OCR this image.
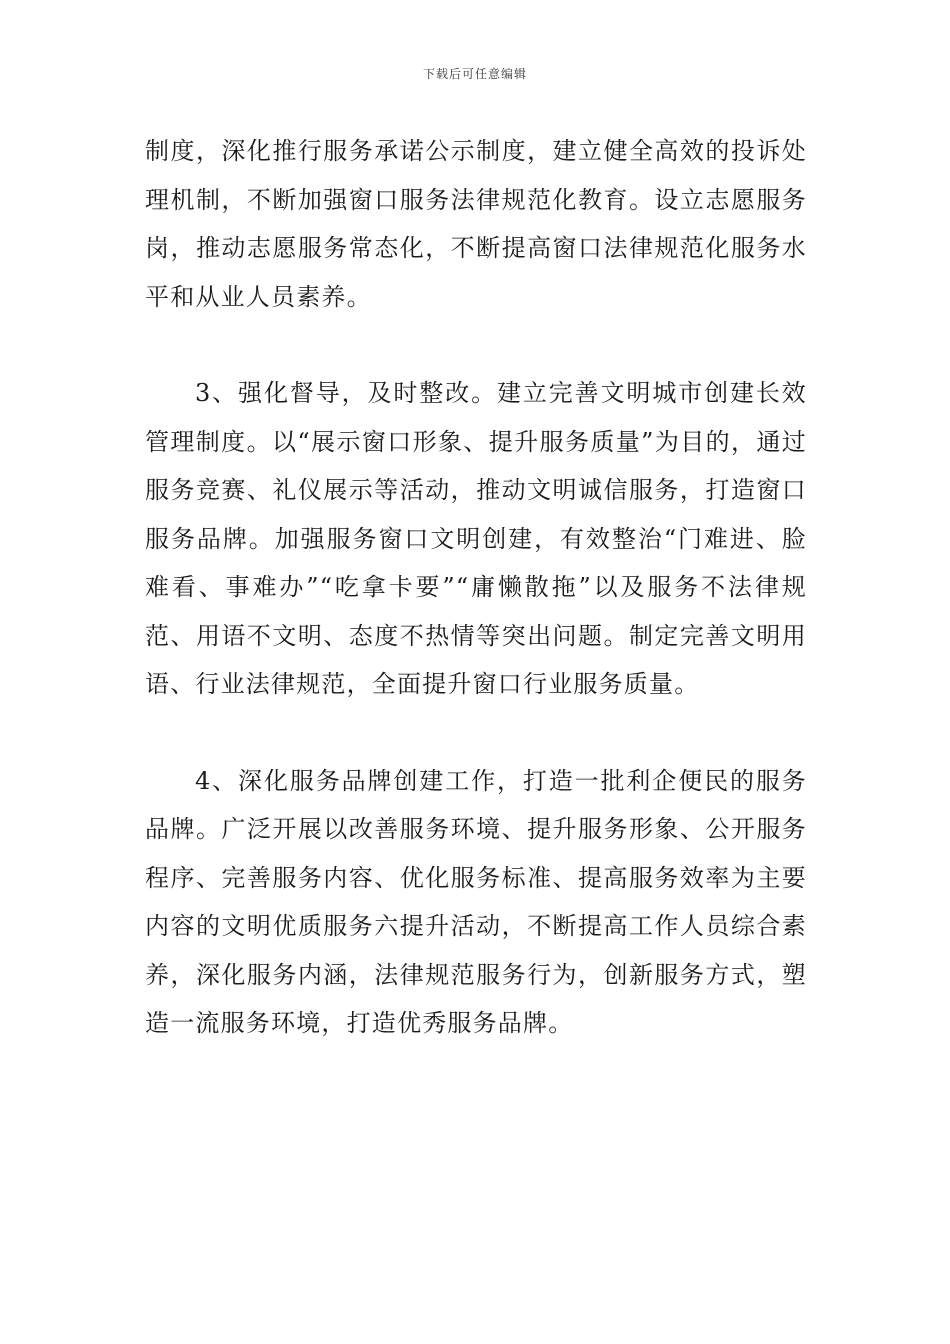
下载后可任意编辑

制度，深化推行服务承诺公示制度，建立健全高效的投诉处理机制，不断加强窗口服务法律规范化教育。设立志愿服务岗，推动志愿服务常态化，不断提高窗口法律规范化服务水平和从业人员素养。

3、强化督导，及时整改。建立完善文明城市创建长效管理制度。以“展示窗口形象、提升服务质量”为目的，通过服务竞赛、礼仪展示等活动，推动文明诚信服务，打造窗口服务品牌。加强服务窗口文明创建，有效整治“门难进、脸难看、事难办”“吃拿卡要”“庸懒散拖”以及服务不法律规范、用语不文明、态度不热情等突出问题。制定完善文明用语、行业法律规范，全面提升窗口行业服务质量。

4、深化服务品牌创建工作，打造一批利企便民的服务品牌。广泛开展以改善服务环境、提升服务形象、公开服务程序、完善服务内容、优化服务标准、提高服务效率为主要内容的文明优质服务六提升活动，不断提高工作人员综合素养，深化服务内涵，法律规范服务行为，创新服务方式，塑造一流服务环境，打造优秀服务品牌。
